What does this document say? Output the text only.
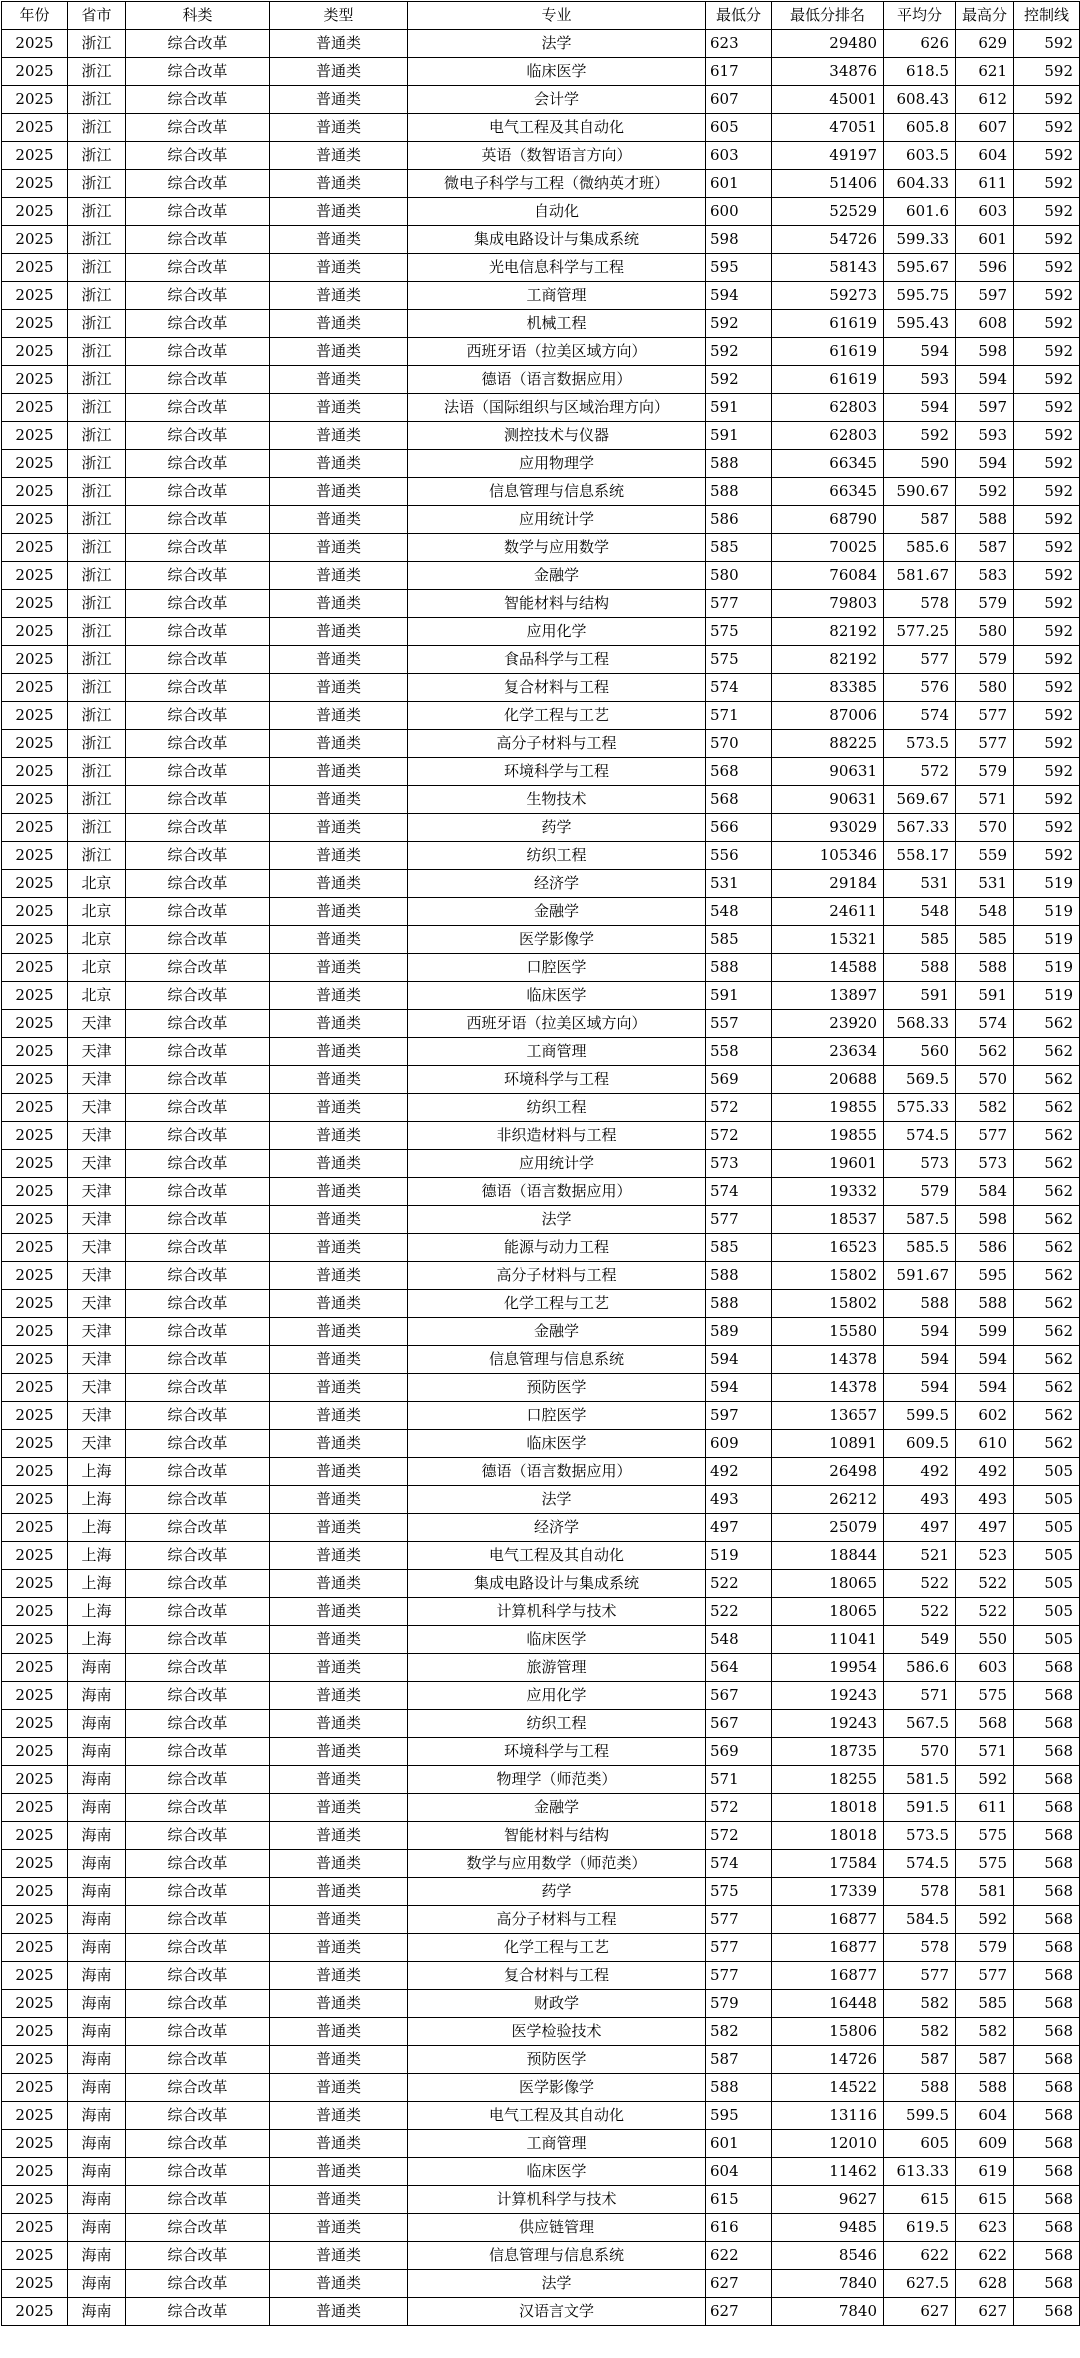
年份	省市	科类	类型	专业	最低分	最低分排名	平均分	最高分	控制线
2025	浙江	综合改革	普通类	法学	623	29480	626	629	592
2025	浙江	综合改革	普通类	临床医学	617	34876	618.5	621	592
2025	浙江	综合改革	普通类	会计学	607	45001	608.43	612	592
2025	浙江	综合改革	普通类	电气工程及其自动化	605	47051	605.8	607	592
2025	浙江	综合改革	普通类	英语（数智语言方向）	603	49197	603.5	604	592
2025	浙江	综合改革	普通类	微电子科学与工程（微纳英才班）	601	51406	604.33	611	592
2025	浙江	综合改革	普通类	自动化	600	52529	601.6	603	592
2025	浙江	综合改革	普通类	集成电路设计与集成系统	598	54726	599.33	601	592
2025	浙江	综合改革	普通类	光电信息科学与工程	595	58143	595.67	596	592
2025	浙江	综合改革	普通类	工商管理	594	59273	595.75	597	592
2025	浙江	综合改革	普通类	机械工程	592	61619	595.43	608	592
2025	浙江	综合改革	普通类	西班牙语（拉美区域方向）	592	61619	594	598	592
2025	浙江	综合改革	普通类	德语（语言数据应用）	592	61619	593	594	592
2025	浙江	综合改革	普通类	法语（国际组织与区域治理方向）	591	62803	594	597	592
2025	浙江	综合改革	普通类	测控技术与仪器	591	62803	592	593	592
2025	浙江	综合改革	普通类	应用物理学	588	66345	590	594	592
2025	浙江	综合改革	普通类	信息管理与信息系统	588	66345	590.67	592	592
2025	浙江	综合改革	普通类	应用统计学	586	68790	587	588	592
2025	浙江	综合改革	普通类	数学与应用数学	585	70025	585.6	587	592
2025	浙江	综合改革	普通类	金融学	580	76084	581.67	583	592
2025	浙江	综合改革	普通类	智能材料与结构	577	79803	578	579	592
2025	浙江	综合改革	普通类	应用化学	575	82192	577.25	580	592
2025	浙江	综合改革	普通类	食品科学与工程	575	82192	577	579	592
2025	浙江	综合改革	普通类	复合材料与工程	574	83385	576	580	592
2025	浙江	综合改革	普通类	化学工程与工艺	571	87006	574	577	592
2025	浙江	综合改革	普通类	高分子材料与工程	570	88225	573.5	577	592
2025	浙江	综合改革	普通类	环境科学与工程	568	90631	572	579	592
2025	浙江	综合改革	普通类	生物技术	568	90631	569.67	571	592
2025	浙江	综合改革	普通类	药学	566	93029	567.33	570	592
2025	浙江	综合改革	普通类	纺织工程	556	105346	558.17	559	592
2025	北京	综合改革	普通类	经济学	531	29184	531	531	519
2025	北京	综合改革	普通类	金融学	548	24611	548	548	519
2025	北京	综合改革	普通类	医学影像学	585	15321	585	585	519
2025	北京	综合改革	普通类	口腔医学	588	14588	588	588	519
2025	北京	综合改革	普通类	临床医学	591	13897	591	591	519
2025	天津	综合改革	普通类	西班牙语（拉美区域方向）	557	23920	568.33	574	562
2025	天津	综合改革	普通类	工商管理	558	23634	560	562	562
2025	天津	综合改革	普通类	环境科学与工程	569	20688	569.5	570	562
2025	天津	综合改革	普通类	纺织工程	572	19855	575.33	582	562
2025	天津	综合改革	普通类	非织造材料与工程	572	19855	574.5	577	562
2025	天津	综合改革	普通类	应用统计学	573	19601	573	573	562
2025	天津	综合改革	普通类	德语（语言数据应用）	574	19332	579	584	562
2025	天津	综合改革	普通类	法学	577	18537	587.5	598	562
2025	天津	综合改革	普通类	能源与动力工程	585	16523	585.5	586	562
2025	天津	综合改革	普通类	高分子材料与工程	588	15802	591.67	595	562
2025	天津	综合改革	普通类	化学工程与工艺	588	15802	588	588	562
2025	天津	综合改革	普通类	金融学	589	15580	594	599	562
2025	天津	综合改革	普通类	信息管理与信息系统	594	14378	594	594	562
2025	天津	综合改革	普通类	预防医学	594	14378	594	594	562
2025	天津	综合改革	普通类	口腔医学	597	13657	599.5	602	562
2025	天津	综合改革	普通类	临床医学	609	10891	609.5	610	562
2025	上海	综合改革	普通类	德语（语言数据应用）	492	26498	492	492	505
2025	上海	综合改革	普通类	法学	493	26212	493	493	505
2025	上海	综合改革	普通类	经济学	497	25079	497	497	505
2025	上海	综合改革	普通类	电气工程及其自动化	519	18844	521	523	505
2025	上海	综合改革	普通类	集成电路设计与集成系统	522	18065	522	522	505
2025	上海	综合改革	普通类	计算机科学与技术	522	18065	522	522	505
2025	上海	综合改革	普通类	临床医学	548	11041	549	550	505
2025	海南	综合改革	普通类	旅游管理	564	19954	586.6	603	568
2025	海南	综合改革	普通类	应用化学	567	19243	571	575	568
2025	海南	综合改革	普通类	纺织工程	567	19243	567.5	568	568
2025	海南	综合改革	普通类	环境科学与工程	569	18735	570	571	568
2025	海南	综合改革	普通类	物理学（师范类）	571	18255	581.5	592	568
2025	海南	综合改革	普通类	金融学	572	18018	591.5	611	568
2025	海南	综合改革	普通类	智能材料与结构	572	18018	573.5	575	568
2025	海南	综合改革	普通类	数学与应用数学（师范类）	574	17584	574.5	575	568
2025	海南	综合改革	普通类	药学	575	17339	578	581	568
2025	海南	综合改革	普通类	高分子材料与工程	577	16877	584.5	592	568
2025	海南	综合改革	普通类	化学工程与工艺	577	16877	578	579	568
2025	海南	综合改革	普通类	复合材料与工程	577	16877	577	577	568
2025	海南	综合改革	普通类	财政学	579	16448	582	585	568
2025	海南	综合改革	普通类	医学检验技术	582	15806	582	582	568
2025	海南	综合改革	普通类	预防医学	587	14726	587	587	568
2025	海南	综合改革	普通类	医学影像学	588	14522	588	588	568
2025	海南	综合改革	普通类	电气工程及其自动化	595	13116	599.5	604	568
2025	海南	综合改革	普通类	工商管理	601	12010	605	609	568
2025	海南	综合改革	普通类	临床医学	604	11462	613.33	619	568
2025	海南	综合改革	普通类	计算机科学与技术	615	9627	615	615	568
2025	海南	综合改革	普通类	供应链管理	616	9485	619.5	623	568
2025	海南	综合改革	普通类	信息管理与信息系统	622	8546	622	622	568
2025	海南	综合改革	普通类	法学	627	7840	627.5	628	568
2025	海南	综合改革	普通类	汉语言文学	627	7840	627	627	568
